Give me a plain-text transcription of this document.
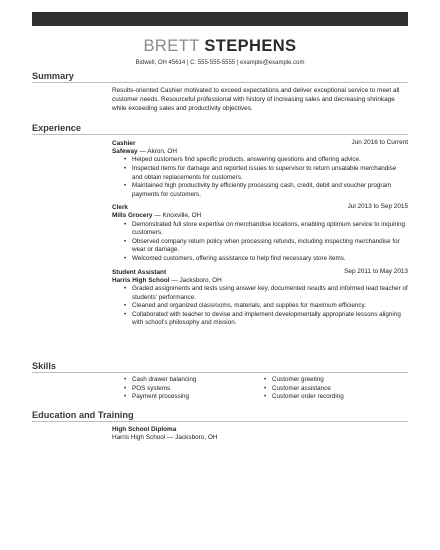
BRETT STEPHENS
Bidwell, OH 45614 | C: 555-555-5555 | example@example.com
Summary
Results-oriented Cashier motivated to exceed expectations and deliver exceptional service to meet all customer needs. Resourceful professional with history of increasing sales and decreasing shrinkage while exceeding sales and productivity objectives.
Experience
Cashier	Jun 2016 to Current
Safeway — Akron, OH
• Helped customers find specific products, answering questions and offering advice.
• Inspected items for damage and reported issues to supervisor to return unsalable merchandise and obtain replacements for customers.
• Maintained high productivity by efficiently processing cash, credit, debit and voucher program payments for customers.
Clerk	Jul 2013 to Sep 2015
Mills Grocery — Knoxville, OH
• Demonstrated full store expertise on merchandise locations, enabling optimum service to inquiring customers.
• Observed company return policy when processing refunds, including inspecting merchandise for wear or damage.
• Welcomed customers, offering assistance to help find necessary store items.
Student Assistant	Sep 2011 to May 2013
Harris High School — Jacksboro, OH
• Graded assignments and tests using answer key, documented results and informed lead teacher of students' performance.
• Cleaned and organized classrooms, materials, and supplies for maximum efficiency.
• Collaborated with teacher to devise and implement developmentally appropriate lessons aligning with school's philosophy and mission.
Skills
• Cash drawer balancing
• POS systems
• Payment processing
• Customer greeting
• Customer assistance
• Customer order recording
Education and Training
High School Diploma
Harris High School — Jacksboro, OH
